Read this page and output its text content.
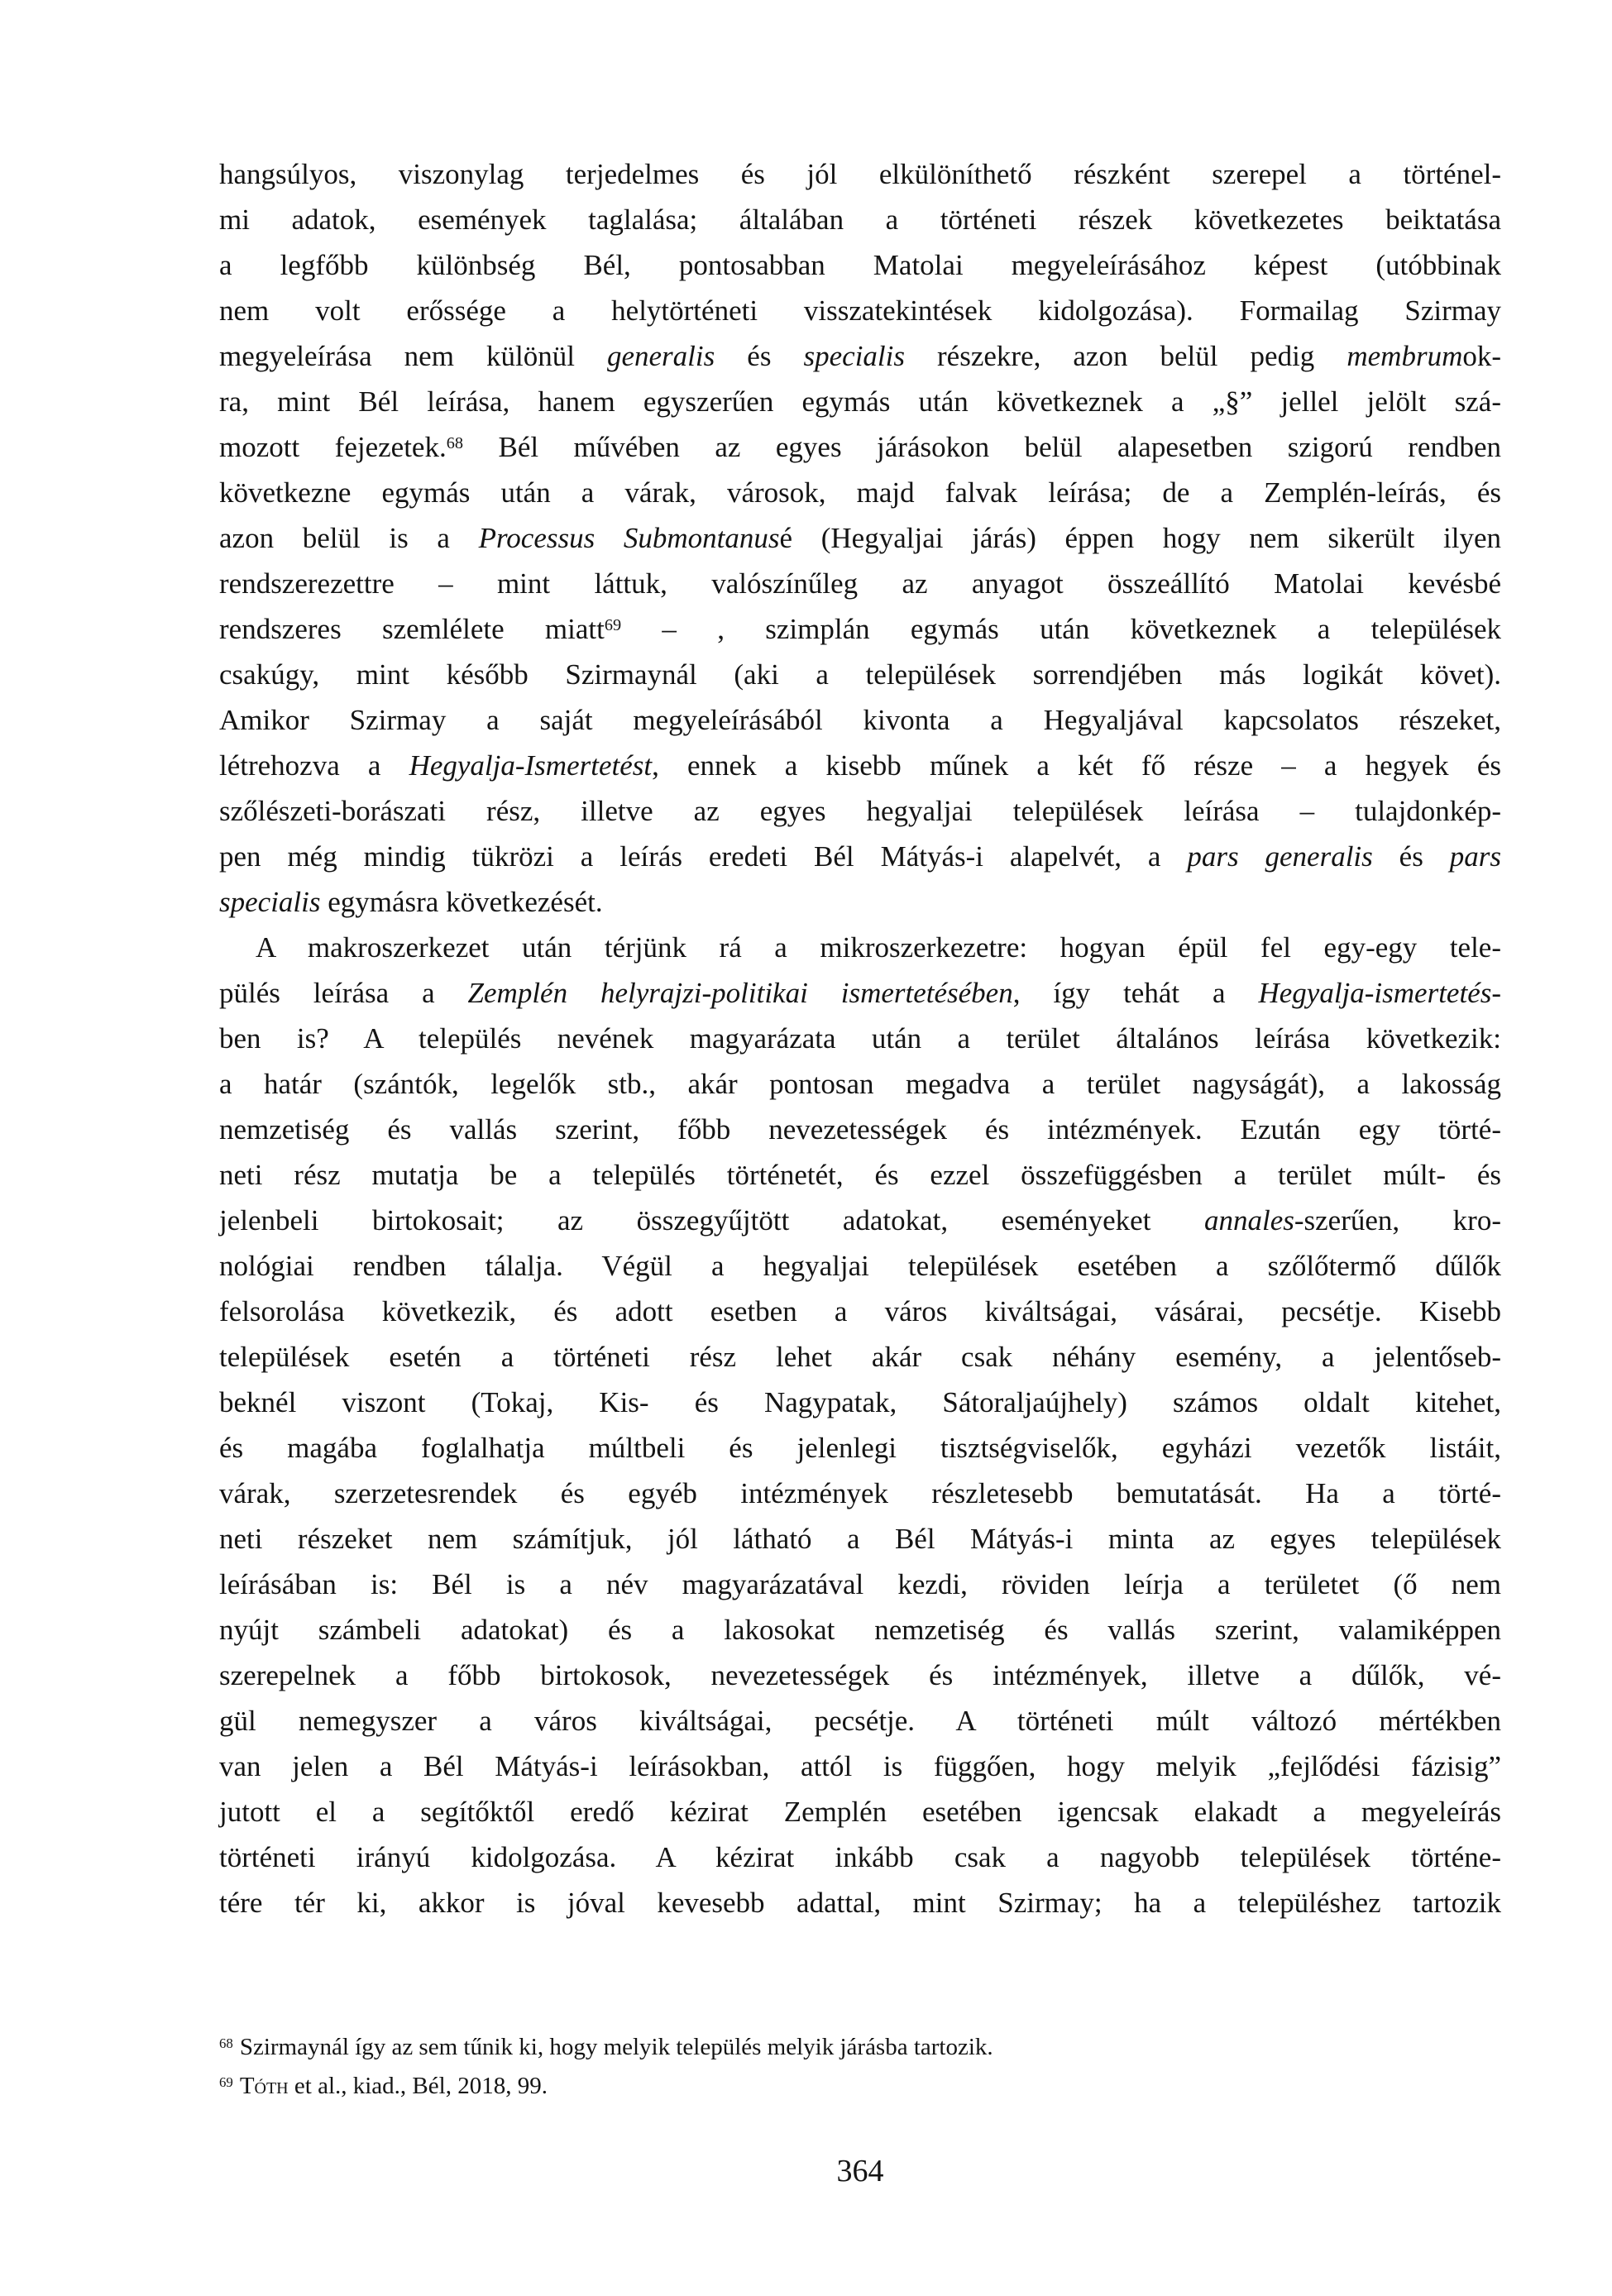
hangsúlyos, viszonylag terjedelmes és jól elkülöníthető részként szerepel a történel-
mi adatok, események taglalása; általában a történeti részek következetes beiktatása
a legfőbb különbség Bél, pontosabban Matolai megyeleírásához képest (utóbbinak
nem volt erőssége a helytörténeti visszatekintések kidolgozása). Formailag Szirmay
megyeleírása nem különül generalis és specialis részekre, azon belül pedig membrumok-
ra, mint Bél leírása, hanem egyszerűen egymás után következnek a „§” jellel jelölt szá-
mozott fejezetek.$^{68}$ Bél művében az egyes járásokon belül alapesetben szigorú rendben
következne egymás után a várak, városok, majd falvak leírása; de a Zemplén-leírás, és
azon belül is a Processus Submontanusé (Hegyaljai járás) éppen hogy nem sikerült ilyen
rendszerezettre – mint láttuk, valószínűleg az anyagot összeállító Matolai kevésbé
rendszeres szemlélete miatt$^{69}$ – , szimplán egymás után következnek a települések
csakúgy, mint később Szirmaynál (aki a települések sorrendjében más logikát követ).
Amikor Szirmay a saját megyeleírásából kivonta a Hegyaljával kapcsolatos részeket,
létrehozva a Hegyalja-Ismertetést, ennek a kisebb műnek a két fő része – a hegyek és
szőlészeti-borászati rész, illetve az egyes hegyaljai települések leírása – tulajdonkép-
pen még mindig tükrözi a leírás eredeti Bél Mátyás-i alapelvét, a pars generalis és pars
specialis egymásra következését.
A makroszerkezet után térjünk rá a mikroszerkezetre: hogyan épül fel egy-egy tele-
pülés leírása a Zemplén helyrajzi-politikai ismertetésében, így tehát a Hegyalja-ismertetés-
ben is? A település nevének magyarázata után a terület általános leírása következik:
a határ (szántók, legelők stb., akár pontosan megadva a terület nagyságát), a lakosság
nemzetiség és vallás szerint, főbb nevezetességek és intézmények. Ezután egy törté-
neti rész mutatja be a település történetét, és ezzel összefüggésben a terület múlt- és
jelenbeli birtokosait; az összegyűjtött adatokat, eseményeket annales-szerűen, kro-
nológiai rendben tálalja. Végül a hegyaljai települések esetében a szőlőtermő dűlők
felsorolása következik, és adott esetben a város kiváltságai, vásárai, pecsétje. Kisebb
települések esetén a történeti rész lehet akár csak néhány esemény, a jelentőseb-
beknél viszont (Tokaj, Kis- és Nagypatak, Sátoraljaújhely) számos oldalt kitehet,
és magába foglalhatja múltbeli és jelenlegi tisztségviselők, egyházi vezetők listáit,
várak, szerzetesrendek és egyéb intézmények részletesebb bemutatását. Ha a törté-
neti részeket nem számítjuk, jól látható a Bél Mátyás-i minta az egyes települések
leírásában is: Bél is a név magyarázatával kezdi, röviden leírja a területet (ő nem
nyújt számbeli adatokat) és a lakosokat nemzetiség és vallás szerint, valamiképpen
szerepelnek a főbb birtokosok, nevezetességek és intézmények, illetve a dűlők, vé-
gül nemegyszer a város kiváltságai, pecsétje. A történeti múlt változó mértékben
van jelen a Bél Mátyás-i leírásokban, attól is függően, hogy melyik „fejlődési fázisig”
jutott el a segítőktől eredő kézirat Zemplén esetében igencsak elakadt a megyeleírás
történeti irányú kidolgozása. A kézirat inkább csak a nagyobb települések történe-
tére tér ki, akkor is jóval kevesebb adattal, mint Szirmay; ha a településhez tartozik
$^{68}$ Szirmaynál így az sem tűnik ki, hogy melyik település melyik járásba tartozik.
$^{69}$ Tóth et al., kiad., Bél, 2018, 99.
364
